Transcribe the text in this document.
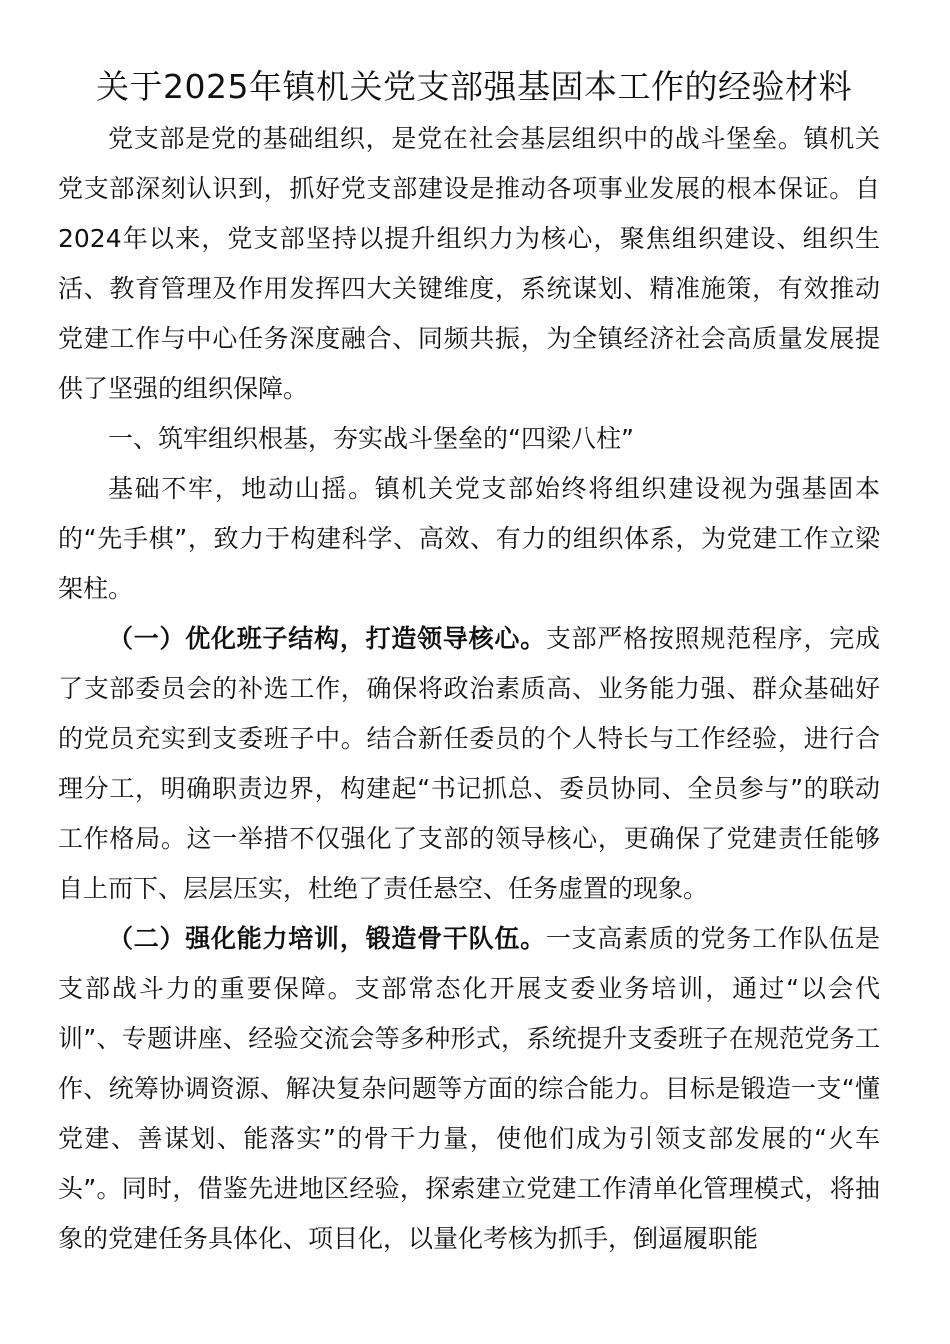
关于2025年镇机关党支部强基固本工作的经验材料

党支部是党的基础组织，是党在社会基层组织中的战斗堡垒。镇机关党支部深刻认识到，抓好党支部建设是推动各项事业发展的根本保证。自2024年以来，党支部坚持以提升组织力为核心，聚焦组织建设、组织生活、教育管理及作用发挥四大关键维度，系统谋划、精准施策，有效推动党建工作与中心任务深度融合、同频共振，为全镇经济社会高质量发展提供了坚强的组织保障。

一、筑牢组织根基，夯实战斗堡垒的“四梁八柱”

基础不牢，地动山摇。镇机关党支部始终将组织建设视为强基固本的“先手棋”，致力于构建科学、高效、有力的组织体系，为党建工作立梁架柱。

（一）优化班子结构，打造领导核心。支部严格按照规范程序，完成了支部委员会的补选工作，确保将政治素质高、业务能力强、群众基础好的党员充实到支委班子中。结合新任委员的个人特长与工作经验，进行合理分工，明确职责边界，构建起“书记抓总、委员协同、全员参与”的联动工作格局。这一举措不仅强化了支部的领导核心，更确保了党建责任能够自上而下、层层压实，杜绝了责任悬空、任务虚置的现象。

（二）强化能力培训，锻造骨干队伍。一支高素质的党务工作队伍是支部战斗力的重要保障。支部常态化开展支委业务培训，通过“以会代训”、专题讲座、经验交流会等多种形式，系统提升支委班子在规范党务工作、统筹协调资源、解决复杂问题等方面的综合能力。目标是锻造一支“懂党建、善谋划、能落实”的骨干力量，使他们成为引领支部发展的“火车头”。同时，借鉴先进地区经验，探索建立党建工作清单化管理模式，将抽象的党建任务具体化、项目化，以量化考核为抓手，倒逼履职能
